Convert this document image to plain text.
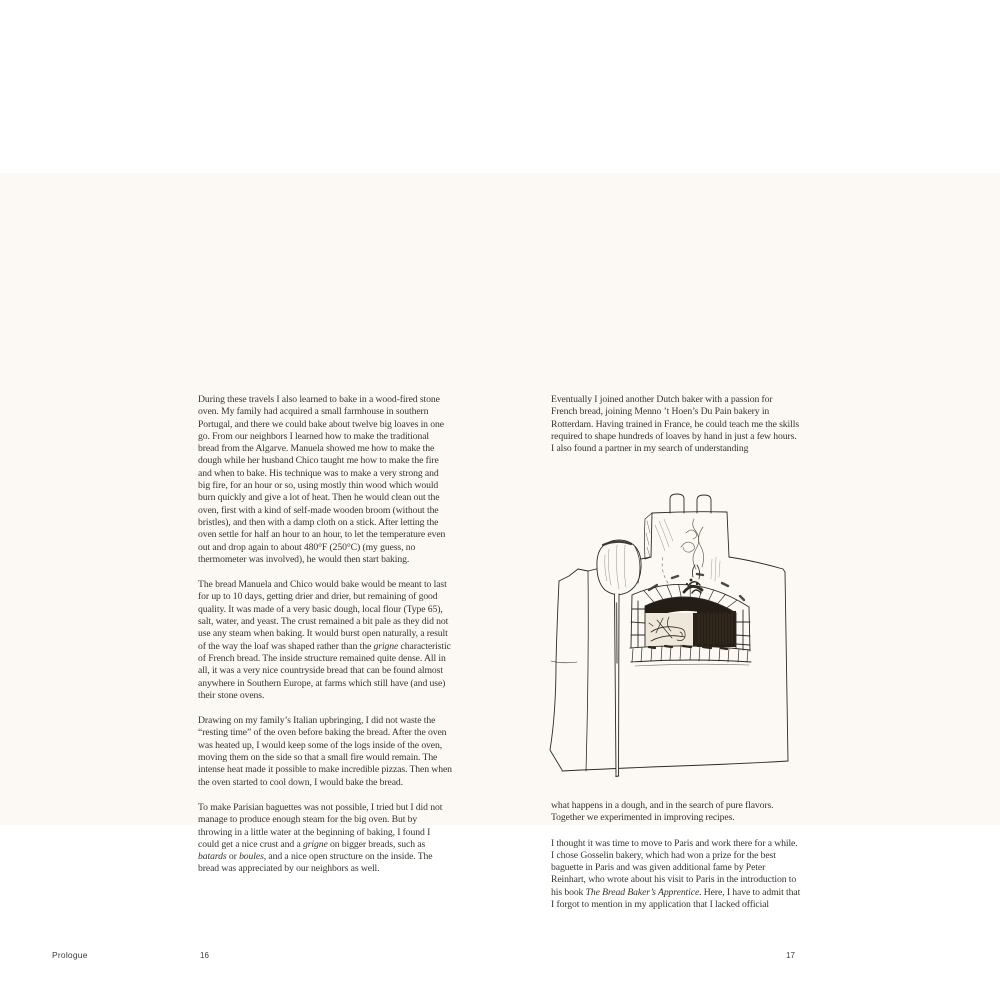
During these travels I also learned to bake in a wood-fired stone oven. My family had acquired a small farmhouse in southern Portugal, and there we could bake about twelve big loaves in one go. From our neighbors I learned how to make the traditional bread from the Algarve. Manuela showed me how to make the dough while her husband Chico taught me how to make the fire and when to bake. His technique was to make a very strong and big fire, for an hour or so, using mostly thin wood which would burn quickly and give a lot of heat. Then he would clean out the oven, first with a kind of self-made wooden broom (without the bristles), and then with a damp cloth on a stick. After letting the oven settle for half an hour to an hour, to let the temperature even out and drop again to about 480°F (250°C) (my guess, no thermometer was involved), he would then start baking.

The bread Manuela and Chico would bake would be meant to last for up to 10 days, getting drier and drier, but remaining of good quality. It was made of a very basic dough, local flour (Type 65), salt, water, and yeast. The crust remained a bit pale as they did not use any steam when baking. It would burst open naturally, a result of the way the loaf was shaped rather than the grigne characteristic of French bread. The inside structure remained quite dense. All in all, it was a very nice countryside bread that can be found almost anywhere in Southern Europe, at farms which still have (and use) their stone ovens.

Drawing on my family’s Italian upbringing, I did not waste the “resting time” of the oven before baking the bread. After the oven was heated up, I would keep some of the logs inside of the oven, moving them on the side so that a small fire would remain. The intense heat made it possible to make incredible pizzas. Then when the oven started to cool down, I would bake the bread.

To make Parisian baguettes was not possible, I tried but I did not manage to produce enough steam for the big oven. But by throwing in a little water at the beginning of baking, I found I could get a nice crust and a grigne on bigger breads, such as batards or boules, and a nice open structure on the inside. The bread was appreciated by our neighbors as well.

Eventually I joined another Dutch baker with a passion for French bread, joining Menno ’t Hoen’s Du Pain bakery in Rotterdam. Having trained in France, he could teach me the skills required to shape hundreds of loaves by hand in just a few hours. I also found a partner in my search of understanding

what happens in a dough, and in the search of pure flavors. Together we experimented in improving recipes.

I thought it was time to move to Paris and work there for a while. I chose Gosselin bakery, which had won a prize for the best baguette in Paris and was given additional fame by Peter Reinhart, who wrote about his visit to Paris in the introduction to his book The Bread Baker’s Apprentice. Here, I have to admit that I forgot to mention in my application that I lacked official

Prologue	16	17
